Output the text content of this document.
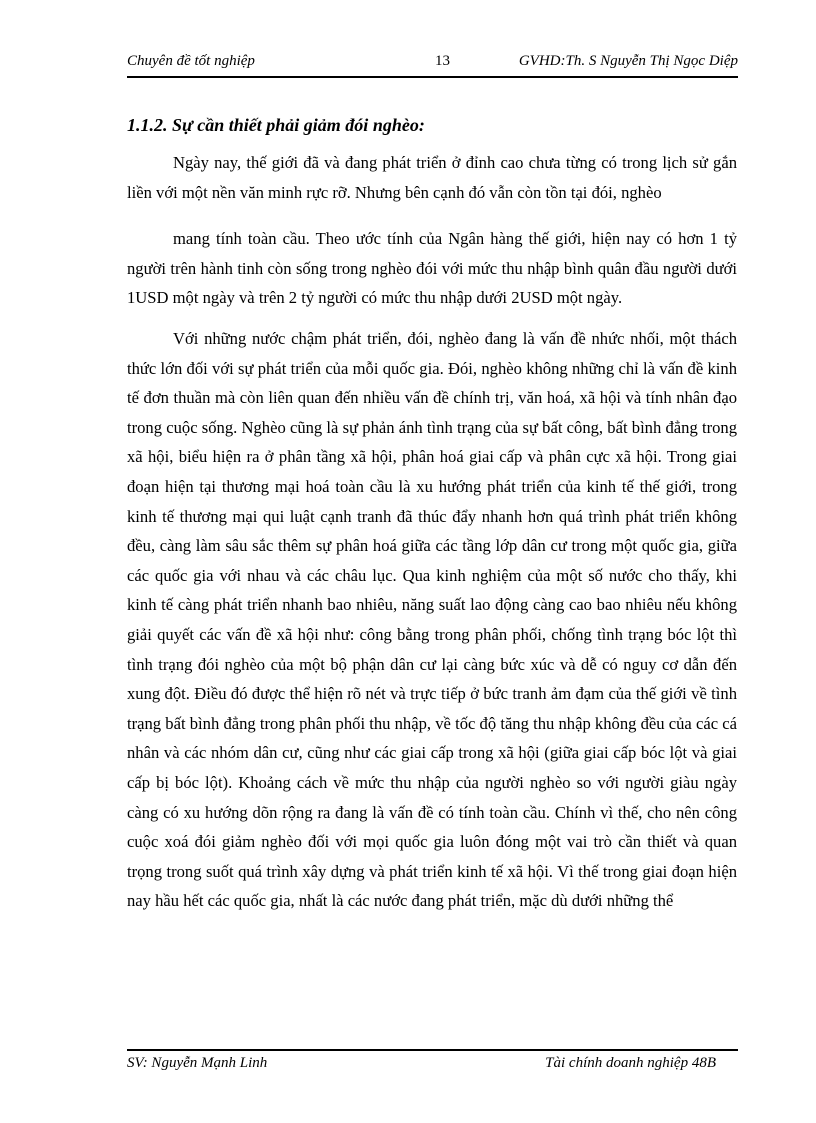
Chuyên đề tốt nghiệp	13	GVHD:Th. S Nguyễn Thị Ngọc Diệp
1.1.2. Sự cần thiết phải giảm đói nghèo:
Ngày nay, thế giới đã và đang phát triển ở đỉnh cao chưa từng có trong lịch sử gắn liền với một nền văn minh rực rỡ. Nhưng bên cạnh đó vẫn còn tồn tại đói, nghèo
mang tính toàn cầu. Theo ước tính của Ngân hàng thế giới, hiện nay có hơn 1 tỷ người trên hành tinh còn sống trong nghèo đói với mức thu nhập bình quân đầu người dưới 1USD một ngày và trên 2 tỷ người có mức thu nhập dưới 2USD một ngày.
Với những nước chậm phát triển, đói, nghèo đang là vấn đề nhức nhối, một thách thức lớn đối với sự phát triển của mỗi quốc gia. Đói, nghèo không những chỉ là vấn đề kinh tế đơn thuần mà còn liên quan đến nhiều vấn đề chính trị, văn hoá, xã hội và tính nhân đạo trong cuộc sống. Nghèo cũng là sự phản ánh tình trạng của sự bất công, bất bình đẳng trong xã hội, biểu hiện ra ở phân tầng xã hội, phân hoá giai cấp và phân cực xã hội. Trong giai đoạn hiện tại thương mại hoá toàn cầu là xu hướng phát triển của kinh tế thế giới, trong kinh tế thương mại qui luật cạnh tranh đã thúc đẩy nhanh hơn quá trình phát triển không đều, càng làm sâu sắc thêm sự phân hoá giữa các tầng lớp dân cư trong một quốc gia, giữa các quốc gia với nhau và các châu lục. Qua kinh nghiệm của một số nước cho thấy, khi kinh tế càng phát triển nhanh bao nhiêu, năng suất lao động càng cao bao nhiêu nếu không giải quyết các vấn đề xã hội như: công bằng trong phân phối, chống tình trạng bóc lột thì tình trạng đói nghèo của một bộ phận dân cư lại càng bức xúc và dễ có nguy cơ dẫn đến xung đột. Điều đó được thể hiện rõ nét và trực tiếp ở bức tranh ảm đạm của thế giới về tình trạng bất bình đẳng trong phân phối thu nhập, về tốc độ tăng thu nhập không đều của các cá nhân và các nhóm dân cư, cũng như các giai cấp trong xã hội (giữa giai cấp bóc lột và giai cấp bị bóc lột). Khoảng cách về mức thu nhập của người nghèo so với người giàu ngày càng có xu hướng dõn rộng ra đang là vấn đề có tính toàn cầu. Chính vì thế, cho nên công cuộc xoá đói giảm nghèo đối với mọi quốc gia luôn đóng một vai trò cần thiết và quan trọng trong suốt quá trình xây dựng và phát triển kinh tế xã hội. Vì thế trong giai đoạn hiện nay hầu hết các quốc gia, nhất là các nước đang phát triển, mặc dù dưới những thể
SV: Nguyễn Mạnh Linh	Tài chính doanh nghiệp 48B
